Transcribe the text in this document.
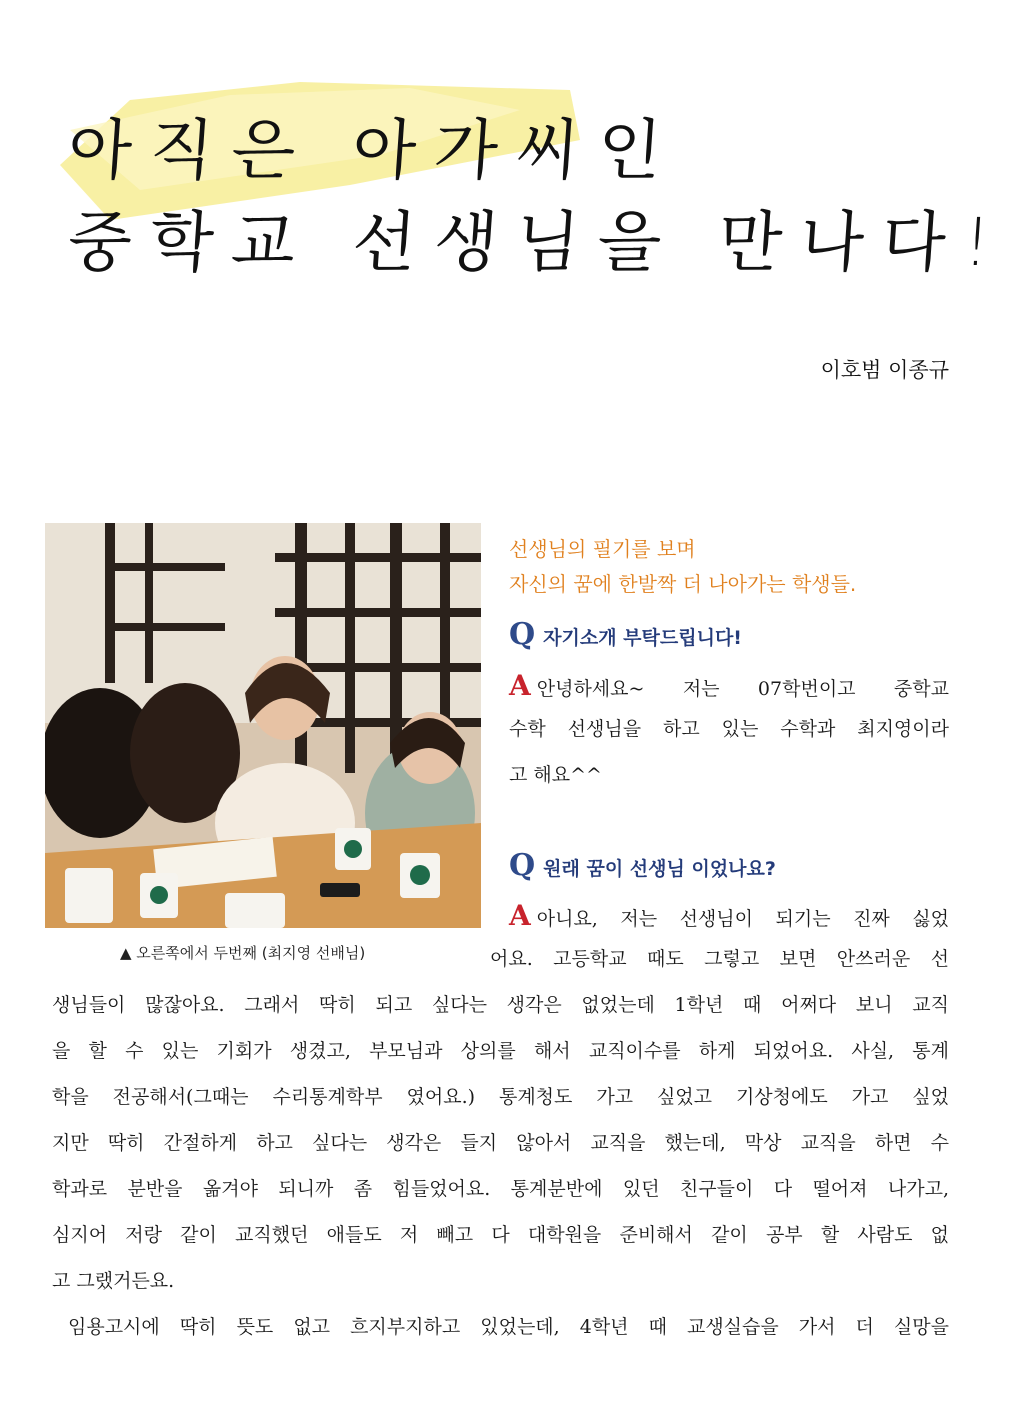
아직은 아가씨인
중학교 선생님을 만나다!
이호범 이종규
▲ 오른쪽에서 두번째 (최지영 선배님)
선생님의 필기를 보며
자신의 꿈에 한발짝 더 나아가는 학생들.
Q 자기소개 부탁드립니다!
A 안녕하세요~ 저는 07학번이고 중학교
수학 선생님을 하고 있는 수학과 최지영이라
고 해요^^
Q 원래 꿈이 선생님 이었나요?
A 아니요, 저는 선생님이 되기는 진짜 싫었
어요. 고등학교 때도 그렇고 보면 안쓰러운 선
생님들이 많잖아요. 그래서 딱히 되고 싶다는 생각은 없었는데 1학년 때 어쩌다 보니 교직
을 할 수 있는 기회가 생겼고, 부모님과 상의를 해서 교직이수를 하게 되었어요. 사실, 통계
학을 전공해서(그때는 수리통계학부 였어요.) 통계청도 가고 싶었고 기상청에도 가고 싶었
지만 딱히 간절하게 하고 싶다는 생각은 들지 않아서 교직을 했는데, 막상 교직을 하면 수
학과로 분반을 옮겨야 되니까 좀 힘들었어요. 통계분반에 있던 친구들이 다 떨어져 나가고,
심지어 저랑 같이 교직했던 애들도 저 빼고 다 대학원을 준비해서 같이 공부 할 사람도 없
고 그랬거든요.
임용고시에 딱히 뜻도 없고 흐지부지하고 있었는데, 4학년 때 교생실습을 가서 더 실망을
